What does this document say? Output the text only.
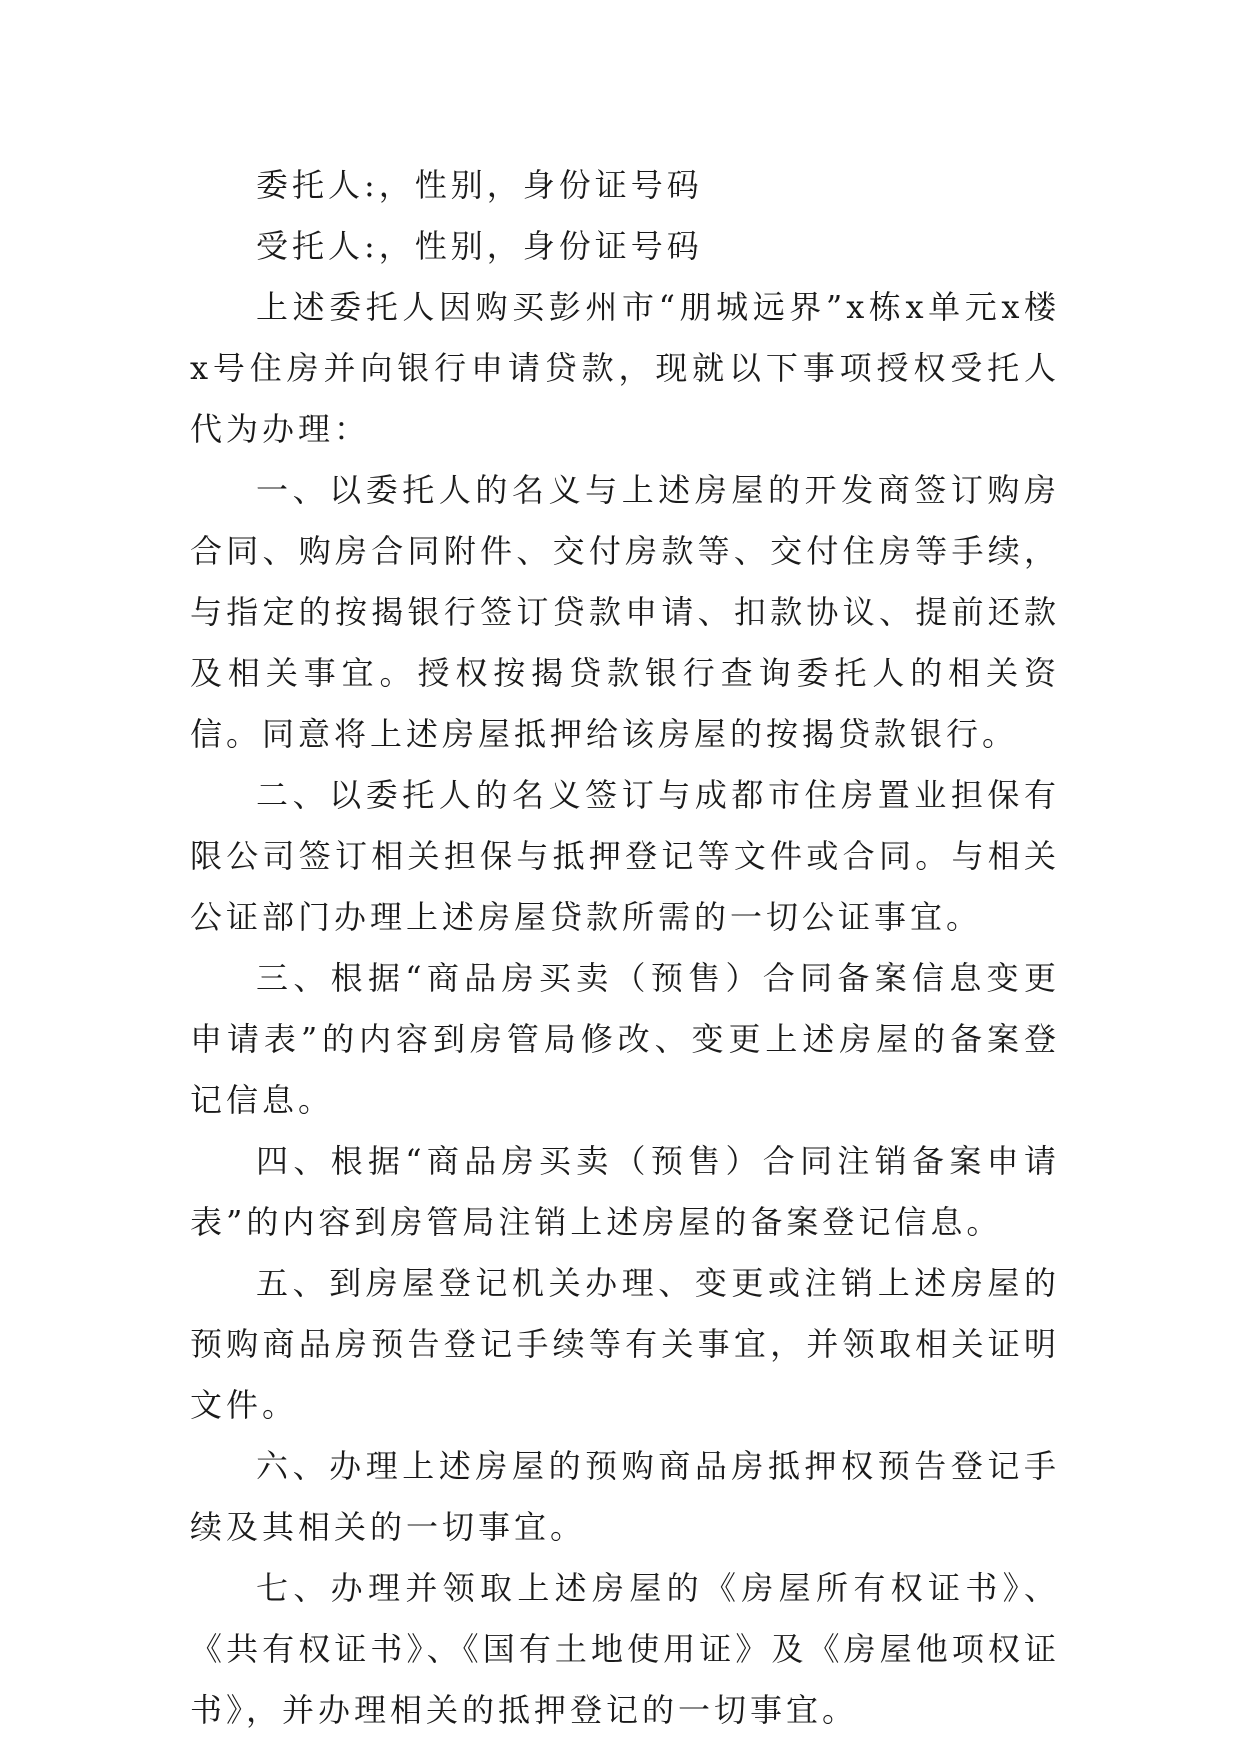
委托人:，性别，身份证号码

受托人:，性别，身份证号码

上述委托人因购买彭州市“朋城远界”x栋x单元x楼x号住房并向银行申请贷款，现就以下事项授权受托人代为办理：

一、以委托人的名义与上述房屋的开发商签订购房合同、购房合同附件、交付房款等、交付住房等手续，与指定的按揭银行签订贷款申请、扣款协议、提前还款及相关事宜。授权按揭贷款银行查询委托人的相关资信。同意将上述房屋抵押给该房屋的按揭贷款银行。

二、以委托人的名义签订与成都市住房置业担保有限公司签订相关担保与抵押登记等文件或合同。与相关公证部门办理上述房屋贷款所需的一切公证事宜。

三、根据“商品房买卖（预售）合同备案信息变更申请表”的内容到房管局修改、变更上述房屋的备案登记信息。

四、根据“商品房买卖（预售）合同注销备案申请表”的内容到房管局注销上述房屋的备案登记信息。

五、到房屋登记机关办理、变更或注销上述房屋的预购商品房预告登记手续等有关事宜，并领取相关证明文件。

六、办理上述房屋的预购商品房抵押权预告登记手续及其相关的一切事宜。

七、办理并领取上述房屋的《房屋所有权证书》、《共有权证书》、《国有土地使用证》及《房屋他项权证书》，并办理相关的抵押登记的一切事宜。
